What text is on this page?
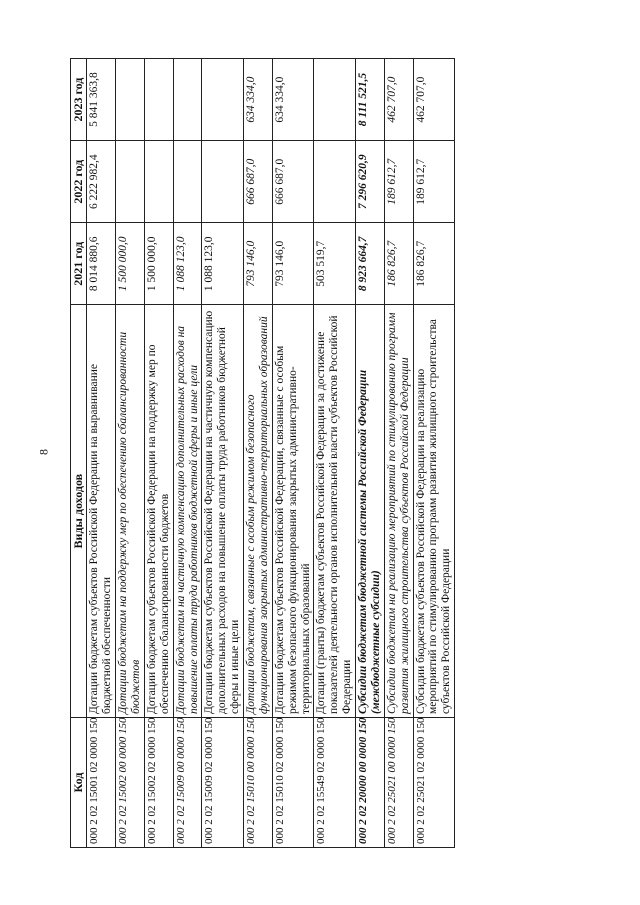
8
Код	Виды доходов	2021 год	2022 год	2023 год
000 2 02 15001 02 0000 150	Дотации бюджетам субъектов Российской Федерации на выравнивание бюджетной обеспеченности	8 014 880,6	6 222 982,4	5 841 363,8
000 2 02 15002 00 0000 150	Дотации бюджетам на поддержку мер по обеспечению сбалансированности бюджетов	1 500 000,0		
000 2 02 15002 02 0000 150	Дотации бюджетам субъектов Российской Федерации на поддержку мер по обеспечению сбалансированности бюджетов	1 500 000,0		
000 2 02 15009 00 0000 150	Дотации бюджетам на частичную компенсацию дополнительных расходов на повышение оплаты труда работников бюджетной сферы и иные цели	1 088 123,0		
000 2 02 15009 02 0000 150	Дотации бюджетам субъектов Российской Федерации на частичную компенсацию дополнительных расходов на повышение оплаты труда работников бюджетной сферы и иные цели	1 088 123,0		
000 2 02 15010 00 0000 150	Дотации бюджетам, связанные с особым режимом безопасного функционирования закрытых административно-территориальных образований	793 146,0	666 687,0	634 334,0
000 2 02 15010 02 0000 150	Дотации бюджетам субъектов Российской Федерации, связанные с особым режимом безопасного функционирования закрытых административно-территориальных образований	793 146,0	666 687,0	634 334,0
000 2 02 15549 02 0000 150	Дотации (гранты) бюджетам субъектов Российской Федерации за достижение показателей деятельности органов исполнительной власти субъектов Российской Федерации	503 519,7		
000 2 02 20000 00 0000 150	Субсидии бюджетам бюджетной системы Российской Федерации (межбюджетные субсидии)	8 923 664,7	7 296 620,9	8 111 521,5
000 2 02 25021 00 0000 150	Субсидии бюджетам на реализацию мероприятий по стимулированию программ развития жилищного строительства субъектов Российской Федерации	186 826,7	189 612,7	462 707,0
000 2 02 25021 02 0000 150	Субсидии бюджетам субъектов Российской Федерации на реализацию мероприятий по стимулированию программ развития жилищного строительства субъектов Российской Федерации	186 826,7	189 612,7	462 707,0
